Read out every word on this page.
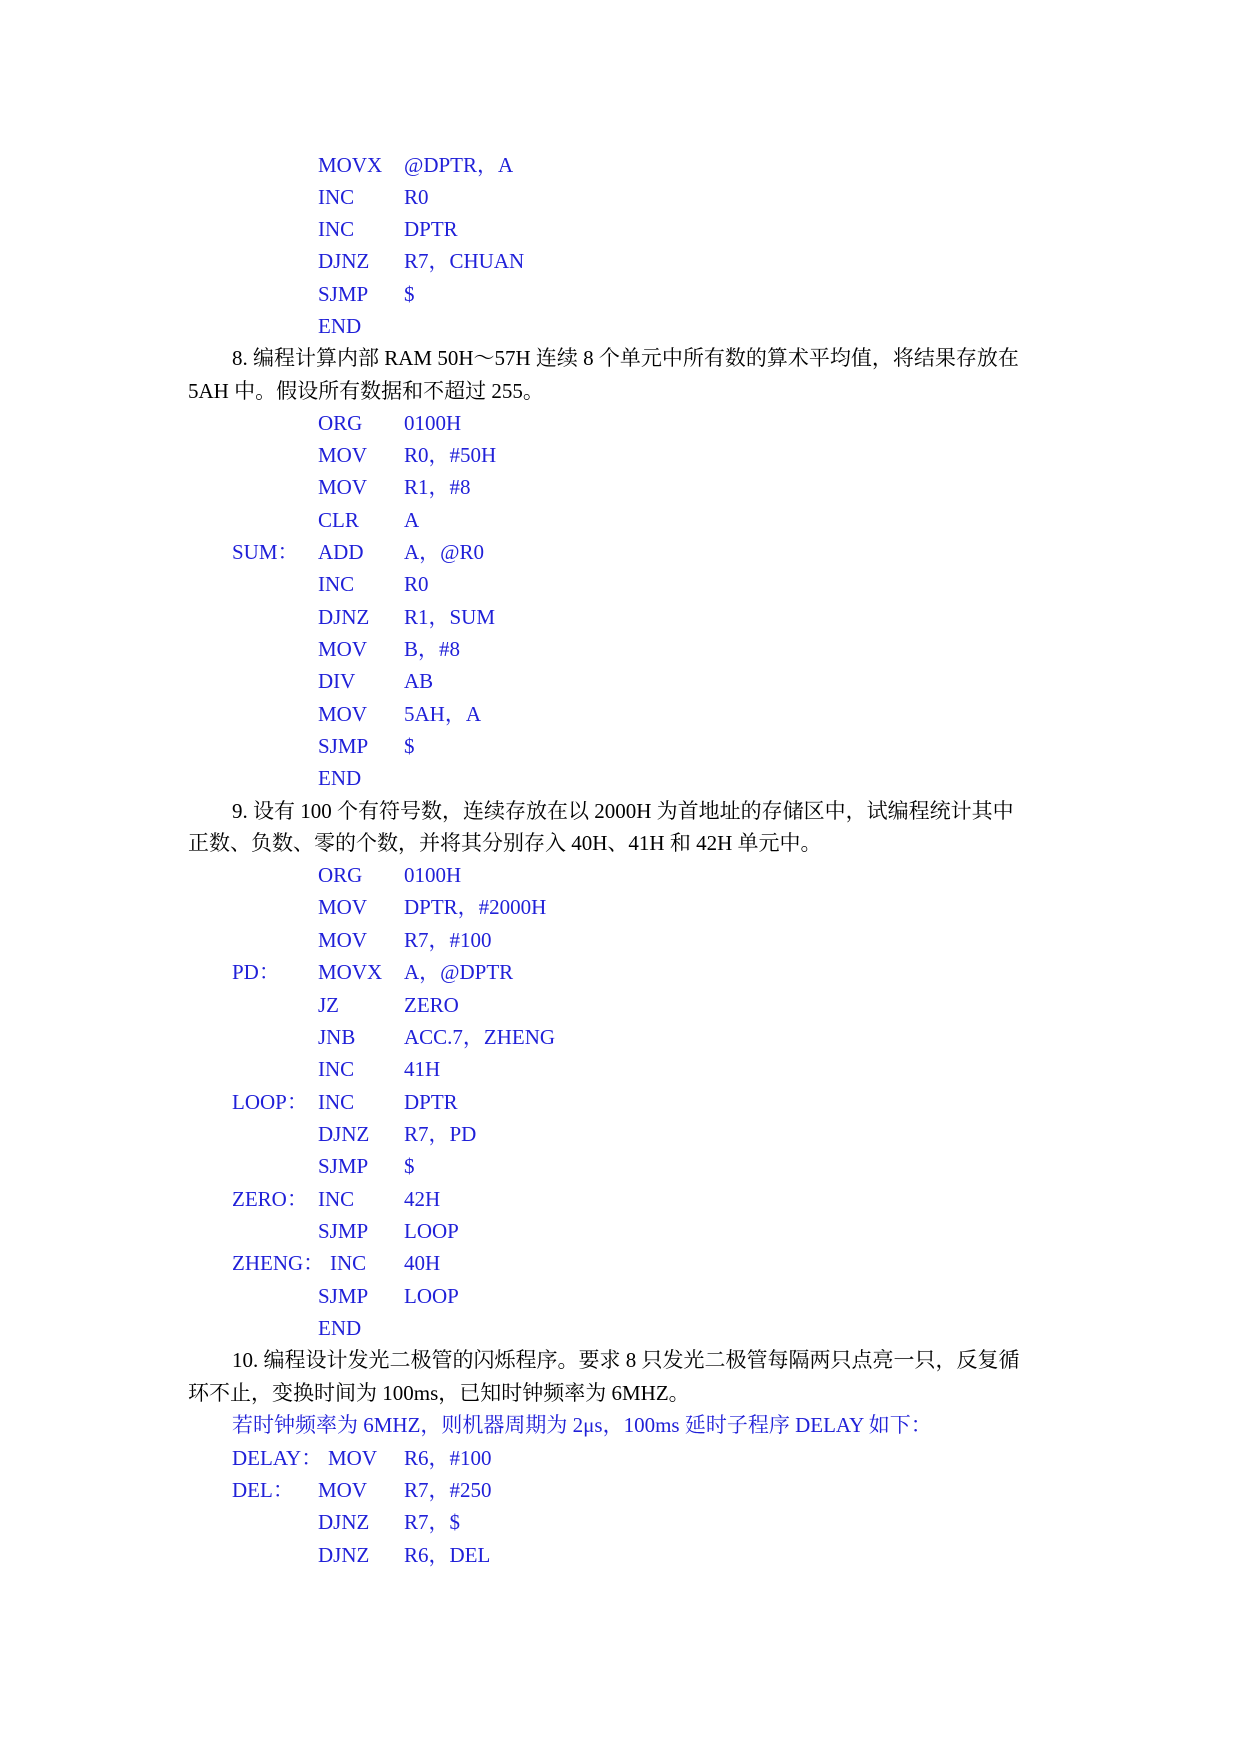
MOVX @DPTR，A
INC R0
INC DPTR
DJNZ R7，CHUAN
SJMP $
END
8. 编程计算内部 RAM 50H～57H 连续 8 个单元中所有数的算术平均值，将结果存放在
5AH 中。假设所有数据和不超过 255。
ORG 0100H
MOV R0，#50H
MOV R1，#8
CLR A
SUM： ADD A，@R0
INC R0
DJNZ R1，SUM
MOV B，#8
DIV AB
MOV 5AH，A
SJMP $
END
9. 设有 100 个有符号数，连续存放在以 2000H 为首地址的存储区中，试编程统计其中
正数、负数、零的个数，并将其分别存入 40H、41H 和 42H 单元中。
ORG 0100H
MOV DPTR，#2000H
MOV R7，#100
PD： MOVX A，@DPTR
JZ	ZERO
JNB ACC.7，ZHENG
INC 41H
LOOP： INC DPTR
DJNZ R7，PD
SJMP $
ZERO： INC 42H
SJMP LOOP
ZHENG： INC 40H
SJMP LOOP
END
10. 编程设计发光二极管的闪烁程序。要求 8 只发光二极管每隔两只点亮一只，反复循
环不止，变换时间为 100ms，已知时钟频率为 6MHZ。
若时钟频率为 6MHZ，则机器周期为 2μs，100ms 延时子程序 DELAY 如下：
DELAY： MOV R6，#100
DEL： MOV R7，#250
DJNZ R7，$
DJNZ R6，DEL
